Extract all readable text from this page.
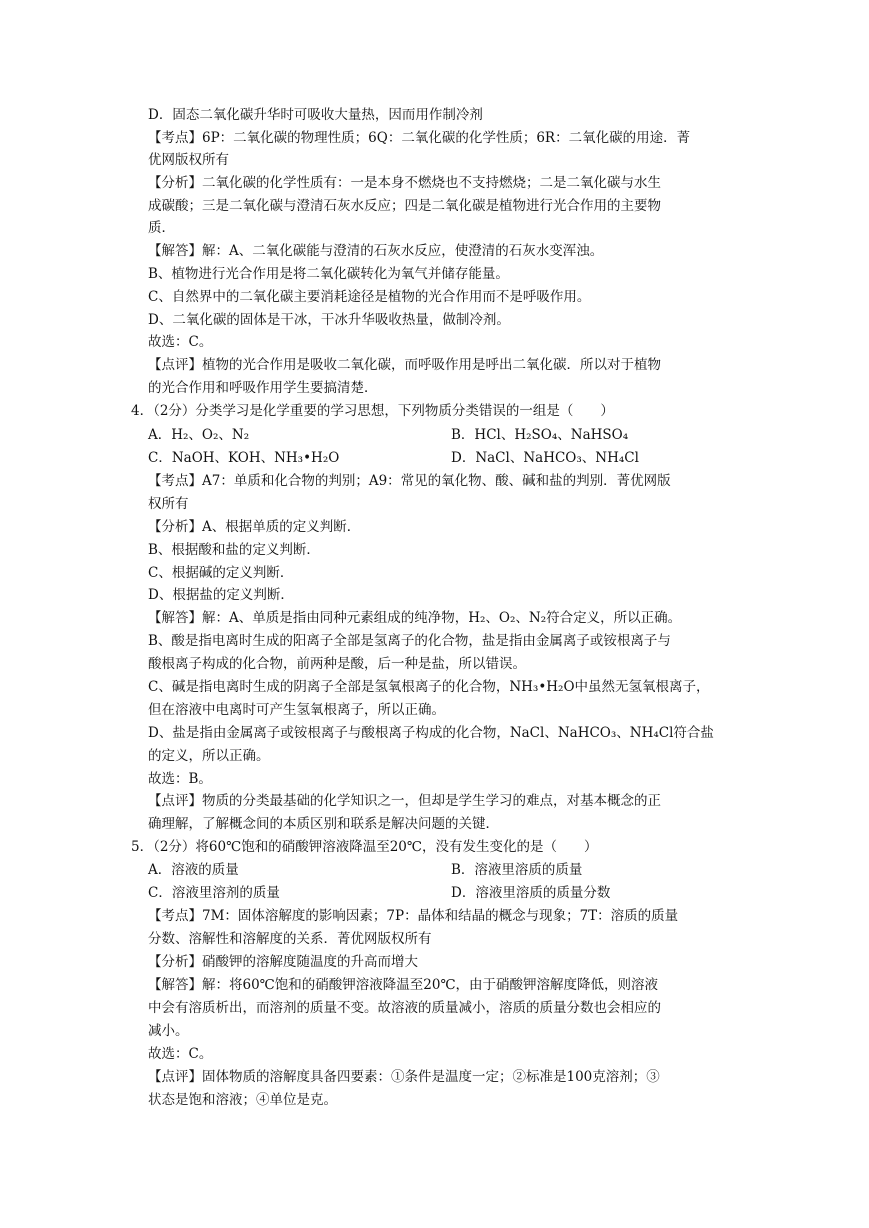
D．固态二氧化碳升华时可吸收大量热，因而用作制冷剂
【考点】6P：二氧化碳的物理性质；6Q：二氧化碳的化学性质；6R：二氧化碳的用途．菁
优网版权所有
【分析】二氧化碳的化学性质有：一是本身不燃烧也不支持燃烧；二是二氧化碳与水生
成碳酸；三是二氧化碳与澄清石灰水反应；四是二氧化碳是植物进行光合作用的主要物
质．
【解答】解：A、二氧化碳能与澄清的石灰水反应，使澄清的石灰水变浑浊。
B、植物进行光合作用是将二氧化碳转化为氧气并储存能量。
C、自然界中的二氧化碳主要消耗途径是植物的光合作用而不是呼吸作用。
D、二氧化碳的固体是干冰，干冰升华吸收热量，做制冷剂。
故选：C。
【点评】植物的光合作用是吸收二氧化碳，而呼吸作用是呼出二氧化碳．所以对于植物
的光合作用和呼吸作用学生要搞清楚．
4．（2分）分类学习是化学重要的学习思想，下列物质分类错误的一组是（　　）
A．H₂、O₂、N₂	B．HCl、H₂SO₄、NaHSO₄
C．NaOH、KOH、NH₃•H₂O	D．NaCl、NaHCO₃、NH₄Cl
【考点】A7：单质和化合物的判别；A9：常见的氧化物、酸、碱和盐的判别．菁优网版
权所有
【分析】A、根据单质的定义判断．
B、根据酸和盐的定义判断．
C、根据碱的定义判断．
D、根据盐的定义判断．
【解答】解：A、单质是指由同种元素组成的纯净物，H₂、O₂、N₂符合定义，所以正确。
B、酸是指电离时生成的阳离子全部是氢离子的化合物，盐是指由金属离子或铵根离子与
酸根离子构成的化合物，前两种是酸，后一种是盐，所以错误。
C、碱是指电离时生成的阴离子全部是氢氧根离子的化合物，NH₃•H₂O中虽然无氢氧根离子，
但在溶液中电离时可产生氢氧根离子，所以正确。
D、盐是指由金属离子或铵根离子与酸根离子构成的化合物，NaCl、NaHCO₃、NH₄Cl符合盐
的定义，所以正确。
故选：B。
【点评】物质的分类最基础的化学知识之一，但却是学生学习的难点，对基本概念的正
确理解，了解概念间的本质区别和联系是解决问题的关键．
5．（2分）将60℃饱和的硝酸钾溶液降温至20℃，没有发生变化的是（　　）
A．溶液的质量	B．溶液里溶质的质量
C．溶液里溶剂的质量	D．溶液里溶质的质量分数
【考点】7M：固体溶解度的影响因素；7P：晶体和结晶的概念与现象；7T：溶质的质量
分数、溶解性和溶解度的关系．菁优网版权所有
【分析】硝酸钾的溶解度随温度的升高而增大
【解答】解：将60℃饱和的硝酸钾溶液降温至20℃，由于硝酸钾溶解度降低，则溶液
中会有溶质析出，而溶剂的质量不变。故溶液的质量减小，溶质的质量分数也会相应的
减小。
故选：C。
【点评】固体物质的溶解度具备四要素：①条件是温度一定；②标准是100克溶剂；③
状态是饱和溶液；④单位是克。
